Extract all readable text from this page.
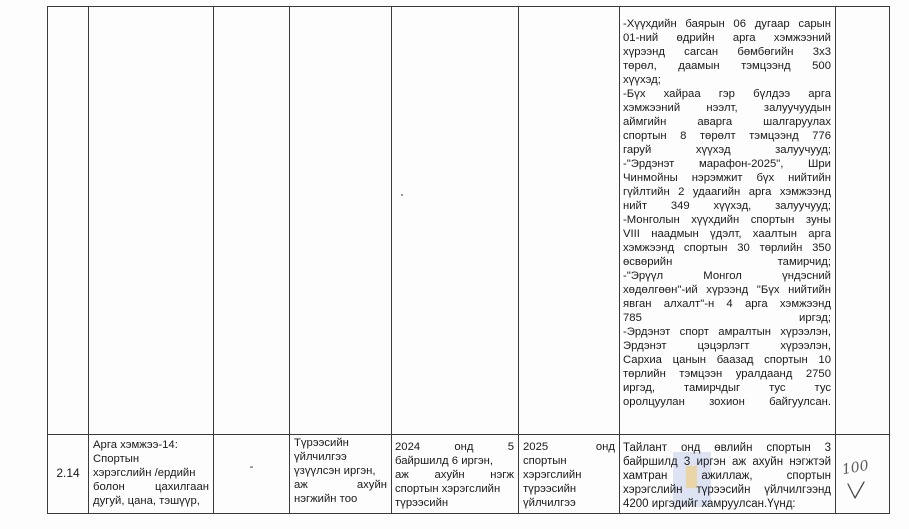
-Хүүхдийн баярын 06 дугаар сарын
01-ний өдрийн арга хэмжээний
хүрээнд сагсан бөмбөгийн 3х3
төрөл, даамын тэмцээнд 500
хүүхэд;
-Бүх хайраа гэр бүлдээ арга
хэмжээний нээлт, залуучуудын
аймгийн аварга шалгаруулах
спортын 8 төрөлт тэмцээнд 776
гаруй хүүхэд залуучууд;
-"Эрдэнэт марафон-2025", Шри
Чинмойны нэрэмжит бүх нийтийн
гүйлтийн 2 удаагийн арга хэмжээнд
нийт 349 хүүхэд, залуучууд;
-Монголын хүүхдийн спортын зуны
VIII наадмын үдэлт, хаалтын арга
хэмжээнд спортын 30 төрлийн 350
өсвөрийн тамирчид;
-"Эрүүл Монгол үндэсний
хөдөлгөөн"-ий хүрээнд "Бүх нийтийн
явган алхалт"-н 4 арга хэмжээнд
785 иргэд;
-Эрдэнэт спорт амралтын хүрээлэн,
Эрдэнэт цэцэрлэгт хүрээлэн,
Сархиа цанын баазад спортын 10
төрлийн тэмцээн уралдаанд 2750
иргэд, тамирчдыг тус тус
оролцуулан зохион байгуулсан.
2.14
Арга хэмжээ-14:
Спортын
хэрэгслийн /ердийн
болон цахилгаан
дугуй, цана, тэшүүр,
-
Түрээсийн
үйлчилгээ
үзүүлсэн иргэн,
аж ахуйн
нэгжийн тоо
2024 онд 5
байршилд 6 иргэн,
аж ахуйн нэгж
спортын хэрэгслийн
түрээсийн
2025 онд
спортын
хэрэгслийн
түрээсийн
үйлчилгээ
Тайлант онд өвлийн спортын 3
байршилд 3 иргэн аж ахуйн нэгжтэй
хамтран ажиллаж, спортын
хэрэгслийн түрээсийн үйлчилгээнд
4200 иргэдийг хамруулсан.Үүнд:
100
